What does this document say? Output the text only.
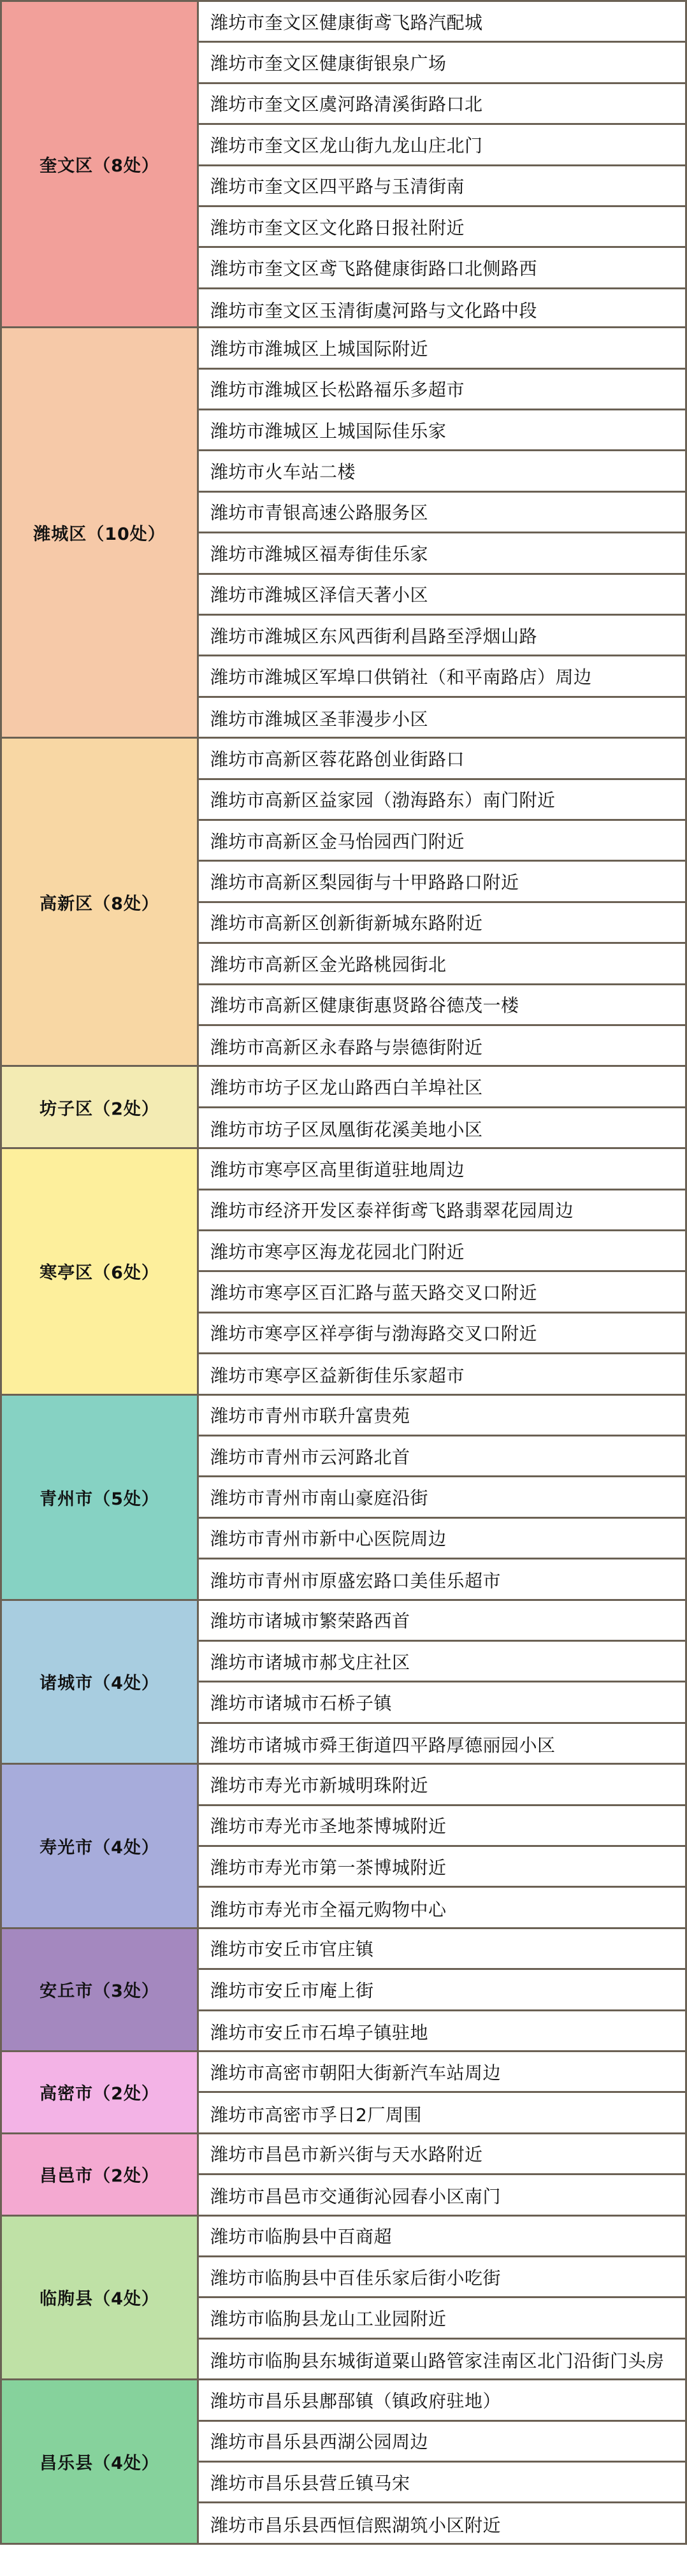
奎文区（8处）
潍坊市奎文区健康街鸢飞路汽配城
潍坊市奎文区健康街银泉广场
潍坊市奎文区虞河路清溪街路口北
潍坊市奎文区龙山街九龙山庄北门
潍坊市奎文区四平路与玉清街南
潍坊市奎文区文化路日报社附近
潍坊市奎文区鸢飞路健康街路口北侧路西
潍坊市奎文区玉清街虞河路与文化路中段
潍城区（10处）
潍坊市潍城区上城国际附近
潍坊市潍城区长松路福乐多超市
潍坊市潍城区上城国际佳乐家
潍坊市火车站二楼
潍坊市青银高速公路服务区
潍坊市潍城区福寿街佳乐家
潍坊市潍城区泽信天著小区
潍坊市潍城区东风西街利昌路至浮烟山路
潍坊市潍城区军埠口供销社（和平南路店）周边
潍坊市潍城区圣菲漫步小区
高新区（8处）
潍坊市高新区蓉花路创业街路口
潍坊市高新区益家园（渤海路东）南门附近
潍坊市高新区金马怡园西门附近
潍坊市高新区梨园街与十甲路路口附近
潍坊市高新区创新街新城东路附近
潍坊市高新区金光路桃园街北
潍坊市高新区健康街惠贤路谷德茂一楼
潍坊市高新区永春路与崇德街附近
坊子区（2处）
潍坊市坊子区龙山路西白羊埠社区
潍坊市坊子区凤凰街花溪美地小区
寒亭区（6处）
潍坊市寒亭区高里街道驻地周边
潍坊市经济开发区泰祥街鸢飞路翡翠花园周边
潍坊市寒亭区海龙花园北门附近
潍坊市寒亭区百汇路与蓝天路交叉口附近
潍坊市寒亭区祥亭街与渤海路交叉口附近
潍坊市寒亭区益新街佳乐家超市
青州市（5处）
潍坊市青州市联升富贵苑
潍坊市青州市云河路北首
潍坊市青州市南山豪庭沿街
潍坊市青州市新中心医院周边
潍坊市青州市原盛宏路口美佳乐超市
诸城市（4处）
潍坊市诸城市繁荣路西首
潍坊市诸城市郝戈庄社区
潍坊市诸城市石桥子镇
潍坊市诸城市舜王街道四平路厚德丽园小区
寿光市（4处）
潍坊市寿光市新城明珠附近
潍坊市寿光市圣地茶博城附近
潍坊市寿光市第一茶博城附近
潍坊市寿光市全福元购物中心
安丘市（3处）
潍坊市安丘市官庄镇
潍坊市安丘市庵上街
潍坊市安丘市石埠子镇驻地
高密市（2处）
潍坊市高密市朝阳大街新汽车站周边
潍坊市高密市孚日2厂周围
昌邑市（2处）
潍坊市昌邑市新兴街与天水路附近
潍坊市昌邑市交通街沁园春小区南门
临朐县（4处）
潍坊市临朐县中百商超
潍坊市临朐县中百佳乐家后街小吃街
潍坊市临朐县龙山工业园附近
潍坊市临朐县东城街道粟山路管家洼南区北门沿街门头房
昌乐县（4处）
潍坊市昌乐县鄌郚镇（镇政府驻地）
潍坊市昌乐县西湖公园周边
潍坊市昌乐县营丘镇马宋
潍坊市昌乐县西恒信熙湖筑小区附近
